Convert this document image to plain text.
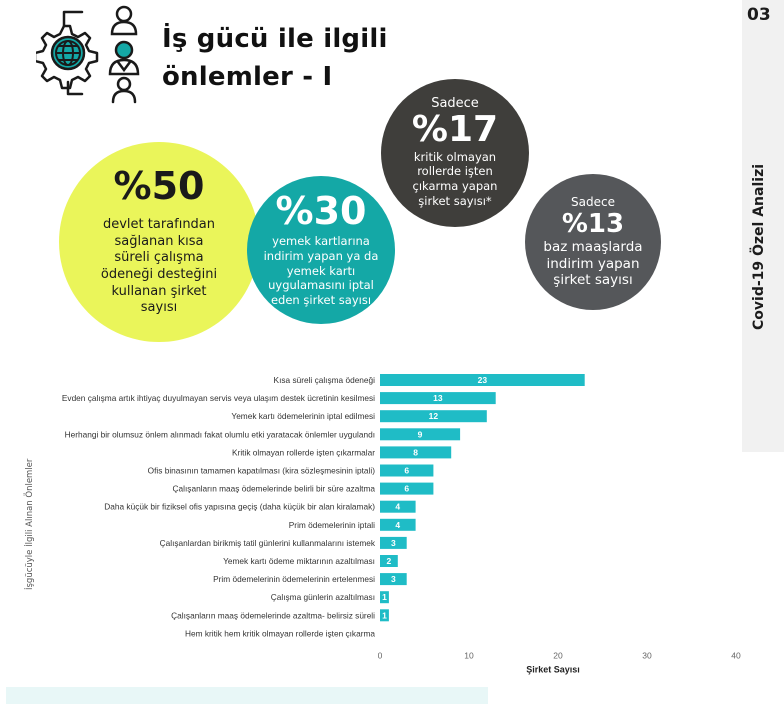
03
Covid-19 Özel Analizi
İş gücü ile ilgili
önlemler - I
%50
devlet tarafından sağlanan kısa süreli çalışma ödeneği desteğini kullanan şirket sayısı
Sadece
%17
kritik olmayan rollerde işten çıkarma yapan şirket sayısı*
%30
yemek kartlarına indirim yapan ya da yemek kartı uygulamasını iptal eden şirket sayısı
Sadece
%13
baz maaşlarda indirim yapan şirket sayısı
Kısa süreli çalışma ödeneği	23
Evden çalışma artık ihtiyaç duyulmayan servis veya ulaşım destek ücretinin kesilmesi	13
Yemek kartı ödemelerinin iptal edilmesi	12
Herhangi bir olumsuz önlem alınmadı fakat olumlu etki yaratacak önlemler uygulandı	9
Kritik olmayan rollerde işten çıkarmalar	8
Ofis binasının tamamen kapatılması (kira sözleşmesinin iptali)	6
Çalışanların maaş ödemelerinde belirli bir süre azaltma	6
Daha küçük bir fiziksel ofis yapısına geçiş (daha küçük bir alan kiralamak) 4
Prim ödemelerinin iptali 4
Çalışanlardan birikmiş tatil günlerini kullanmalarını istemek 3
Yemek kartı ödeme miktarının azaltılması 2
Prim ödemelerinin ödemelerinin ertelenmesi 3
Çalışma günlerin azaltılması 1
Çalışanların maaş ödemelerinde azaltma- belirsiz süreli 1
Hem kritik hem kritik olmayan rollerde işten çıkarma
0	10	20	30	40
Şirket Sayısı
İşgücüyle İlgili Alınan Önlemler
